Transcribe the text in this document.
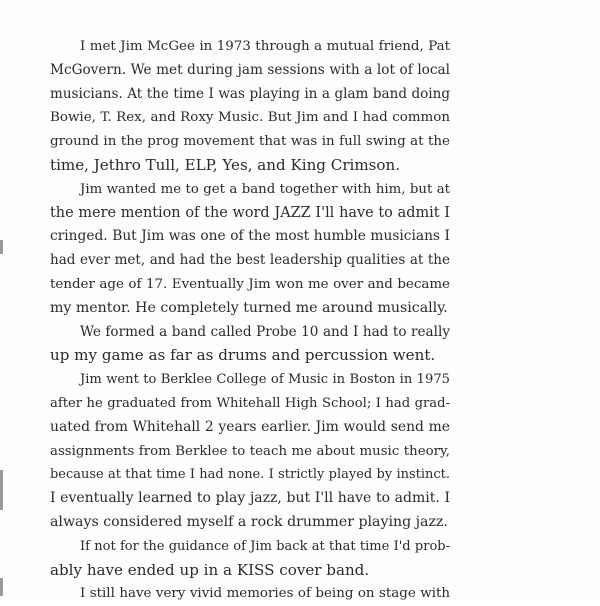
I met Jim McGee in 1973 through a mutual friend, Pat
McGovern. We met during jam sessions with a lot of local
musicians. At the time I was playing in a glam band doing
Bowie, T. Rex, and Roxy Music. But Jim and I had common
ground in the prog movement that was in full swing at the
time, Jethro Tull, ELP, Yes, and King Crimson.
Jim wanted me to get a band together with him, but at
the mere mention of the word JAZZ I'll have to admit I
cringed. But Jim was one of the most humble musicians I
had ever met, and had the best leadership qualities at the
tender age of 17. Eventually Jim won me over and became
my mentor. He completely turned me around musically.
We formed a band called Probe 10 and I had to really
up my game as far as drums and percussion went.
Jim went to Berklee College of Music in Boston in 1975
after he graduated from Whitehall High School; I had grad-
uated from Whitehall 2 years earlier. Jim would send me
assignments from Berklee to teach me about music theory,
because at that time I had none. I strictly played by instinct.
I eventually learned to play jazz, but I'll have to admit. I
always considered myself a rock drummer playing jazz.
If not for the guidance of Jim back at that time I'd prob-
ably have ended up in a KISS cover band.
I still have very vivid memories of being on stage with
